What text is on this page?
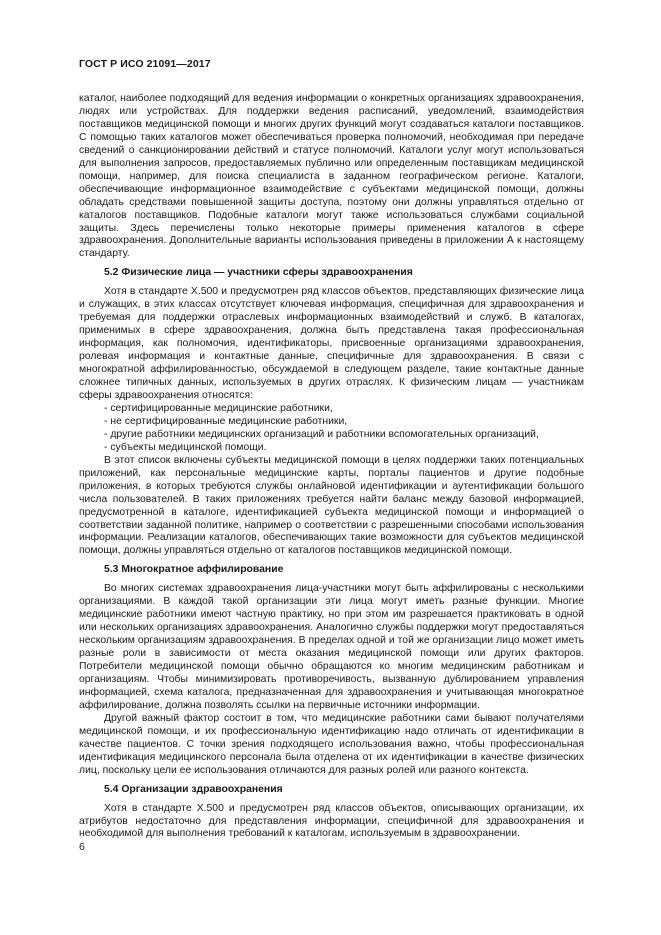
ГОСТ Р ИСО 21091—2017

каталог, наиболее подходящий для ведения информации о конкретных организациях здравоохранения, людях или устройствах. Для поддержки ведения расписаний, уведомлений, взаимодействия поставщиков медицинской помощи и многих других функций могут создаваться каталоги поставщиков. С помощью таких каталогов может обеспечиваться проверка полномочий, необходимая при передаче сведений о санкционировании действий и статусе полномочий. Каталоги услуг могут использоваться для выполнения запросов, предоставляемых публично или определенным поставщикам медицинской помощи, например, для поиска специалиста в заданном географическом регионе. Каталоги, обеспечивающие информационное взаимодействие с субъектами медицинской помощи, должны обладать средствами повышенной защиты доступа, поэтому они должны управляться отдельно от каталогов поставщиков. Подобные каталоги могут также использоваться службами социальной защиты. Здесь перечислены только некоторые примеры применения каталогов в сфере здравоохранения. Дополнительные варианты использования приведены в приложении А к настоящему стандарту.

5.2 Физические лица — участники сферы здравоохранения

Хотя в стандарте Х.500 и предусмотрен ряд классов объектов, представляющих физические лица и служащих, в этих классах отсутствует ключевая информация, специфичная для здравоохранения и требуемая для поддержки отраслевых информационных взаимодействий и служб. В каталогах, применимых в сфере здравоохранения, должна быть представлена такая профессиональная информация, как полномочия, идентификаторы, присвоенные организациями здравоохранения, ролевая информация и контактные данные, специфичные для здравоохранения. В связи с многократной аффилированностью, обсуждаемой в следующем разделе, такие контактные данные сложнее типичных данных, используемых в других отраслях. К физическим лицам — участникам сферы здравоохранения относятся:

- сертифицированные медицинские работники,

- не сертифицированные медицинские работники,

- другие работники медицинских организаций и работники вспомогательных организаций,

- субъекты медицинской помощи.

В этот список включены субъекты медицинской помощи в целях поддержки таких потенциальных приложений, как персональные медицинские карты, порталы пациентов и другие подобные приложения, в которых требуются службы онлайновой идентификации и аутентификации большого числа пользователей. В таких приложениях требуется найти баланс между базовой информацией, предусмотренной в каталоге, идентификацией субъекта медицинской помощи и информацией о соответствии заданной политике, например о соответствии с разрешенными способами использования информации. Реализации каталогов, обеспечивающих такие возможности для субъектов медицинской помощи, должны управляться отдельно от каталогов поставщиков медицинской помощи.

5.3 Многократное аффилирование

Во многих системах здравоохранения лица-участники могут быть аффилированы с несколькими организациями. В каждой такой организации эти лица могут иметь разные функции. Многие медицинские работники имеют частную практику, но при этом им разрешается практиковать в одной или нескольких организациях здравоохранения. Аналогично службы поддержки могут предоставляться нескольким организациям здравоохранения. В пределах одной и той же организации лицо может иметь разные роли в зависимости от места оказания медицинской помощи или других факторов. Потребители медицинской помощи обычно обращаются ко многим медицинским работникам и организациям. Чтобы минимизировать противоречивость, вызванную дублированием управления информацией, схема каталога, предназначенная для здравоохранения и учитывающая многократное аффилирование, должна позволять ссылки на первичные источники информации.

Другой важный фактор состоит в том, что медицинские работники сами бывают получателями медицинской помощи, и их профессиональную идентификацию надо отличать от идентификации в качестве пациентов. С точки зрения подходящего использования важно, чтобы профессиональная идентификация медицинского персонала была отделена от их идентификации в качестве физических лиц, поскольку цели ее использования отличаются для разных ролей или разного контекста.

5.4 Организации здравоохранения

Хотя в стандарте Х.500 и предусмотрен ряд классов объектов, описывающих организации, их атрибутов недостаточно для представления информации, специфичной для здравоохранения и необходимой для выполнения требований к каталогам, используемым в здравоохранении.

6
